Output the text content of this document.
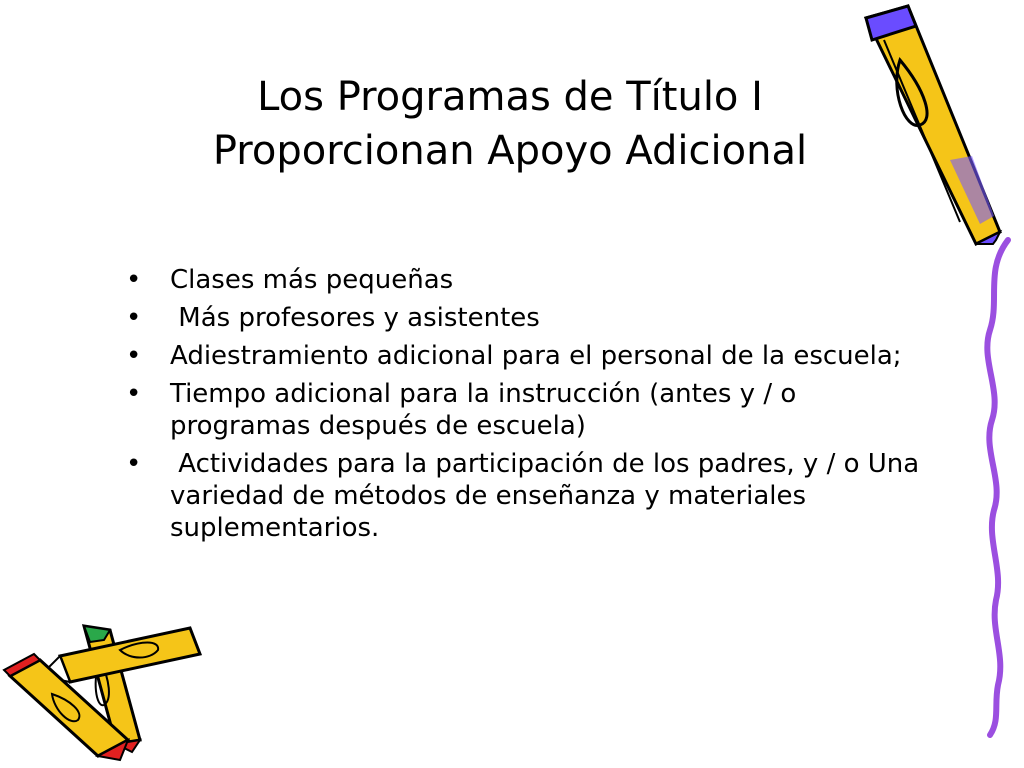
Los Programas de Título I
Proporcionan Apoyo Adicional
• Clases más pequeñas
• Más profesores y asistentes
• Adiestramiento adicional para el personal de la escuela;
• Tiempo adicional para la instrucción (antes y / o programas después de escuela)
• Actividades para la participación de los padres, y / o Una variedad de métodos de enseñanza y materiales suplementarios.
